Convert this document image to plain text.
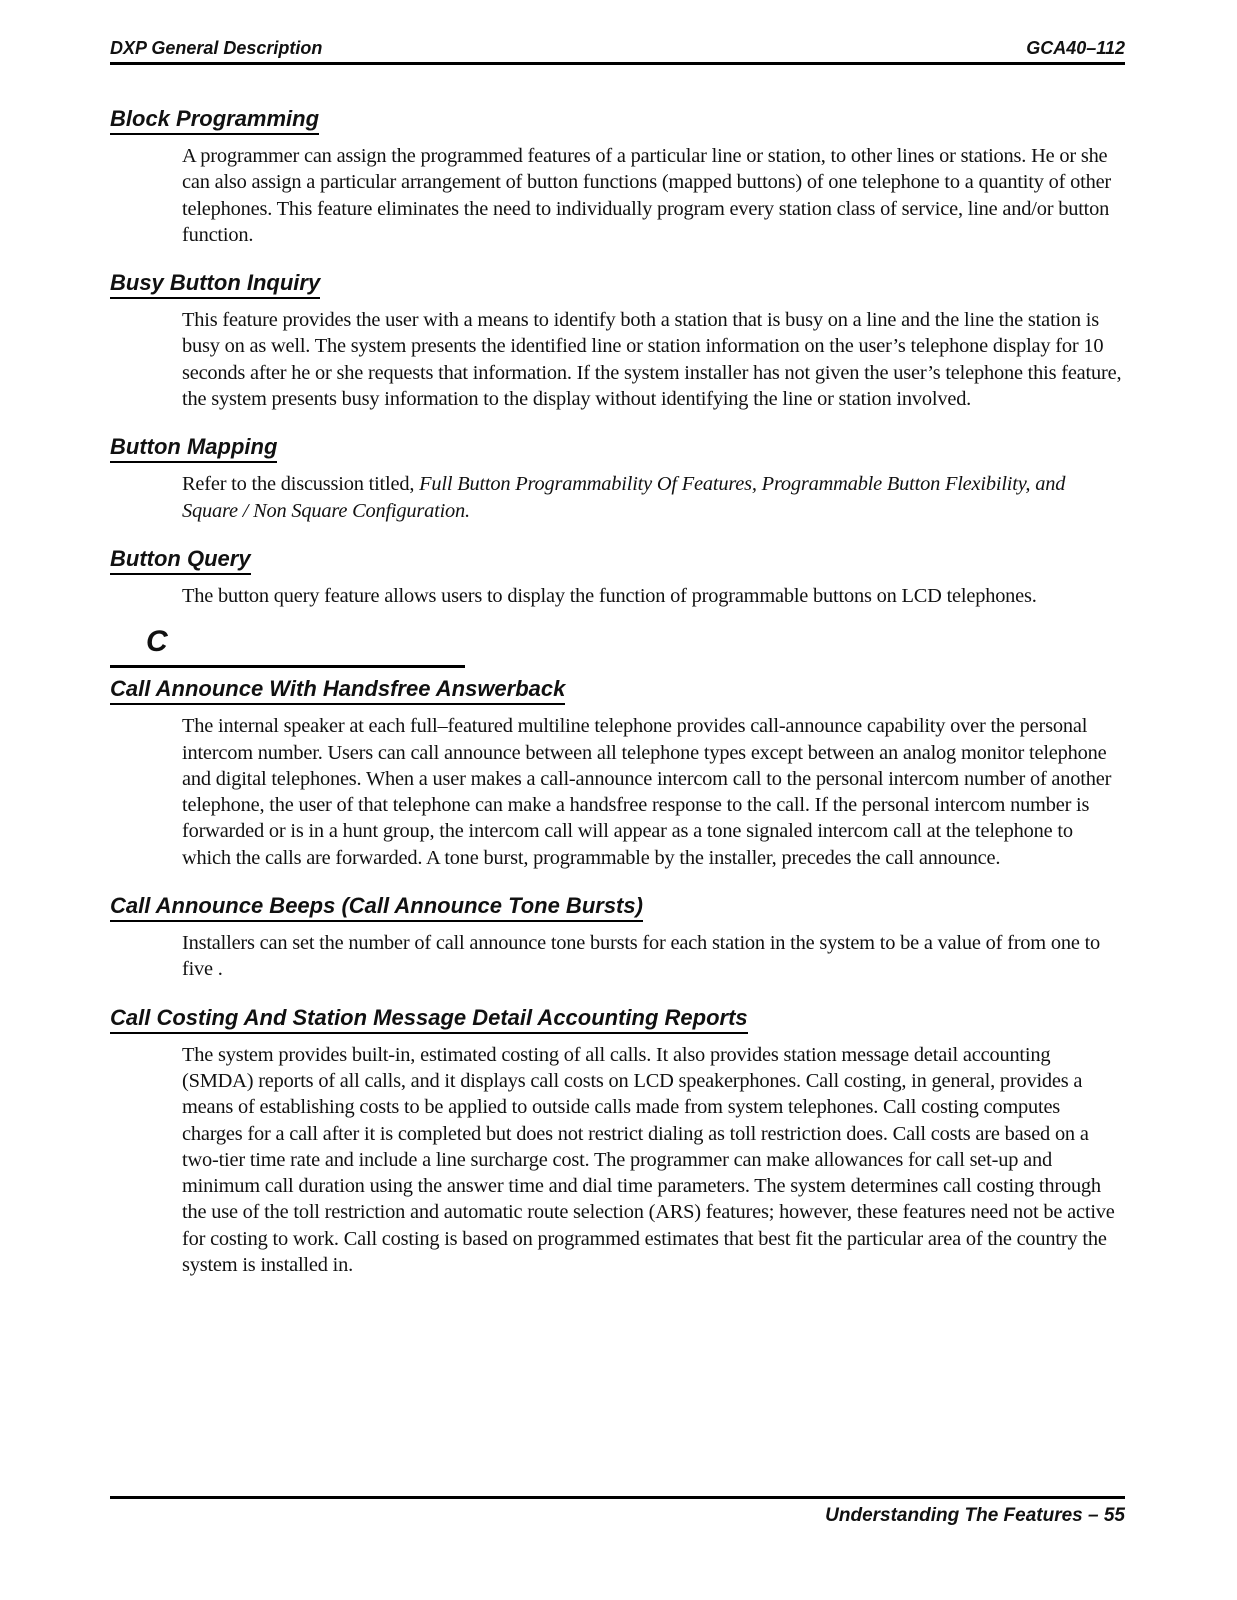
DXP General Description	GCA40–112
Block Programming

A programmer can assign the programmed features of a particular line or station, to other lines or stations. He or she can also assign a particular arrangement of button functions (mapped buttons) of one telephone to a quantity of other telephones. This feature eliminates the need to individually program every station class of service, line and/or button function.

Busy Button Inquiry

This feature provides the user with a means to identify both a station that is busy on a line and the line the station is busy on as well. The system presents the identified line or station information on the user’s telephone display for 10 seconds after he or she requests that information. If the system installer has not given the user’s telephone this feature, the system presents busy information to the display without identifying the line or station involved.

Button Mapping

Refer to the discussion titled, Full Button Programmability Of Features, Programmable Button Flexibility, and Square / Non Square Configuration.

Button Query

The button query feature allows users to display the function of programmable buttons on LCD telephones.

C
Call Announce With Handsfree Answerback

The internal speaker at each full–featured multiline telephone provides call-announce capability over the personal intercom number. Users can call announce between all telephone types except between an analog monitor telephone and digital telephones. When a user makes a call-announce intercom call to the personal intercom number of another telephone, the user of that telephone can make a handsfree response to the call. If the personal intercom number is forwarded or is in a hunt group, the intercom call will appear as a tone signaled intercom call at the telephone to which the calls are forwarded. A tone burst, programmable by the installer, precedes the call announce.

Call Announce Beeps (Call Announce Tone Bursts)

Installers can set the number of call announce tone bursts for each station in the system to be a value of from one to five .

Call Costing And Station Message Detail Accounting Reports

The system provides built-in, estimated costing of all calls. It also provides station message detail accounting (SMDA) reports of all calls, and it displays call costs on LCD speakerphones. Call costing, in general, provides a means of establishing costs to be applied to outside calls made from system telephones. Call costing computes charges for a call after it is completed but does not restrict dialing as toll restriction does. Call costs are based on a two-tier time rate and include a line surcharge cost. The programmer can make allowances for call set-up and minimum call duration using the answer time and dial time parameters. The system determines call costing through the use of the toll restriction and automatic route selection (ARS) features; however, these features need not be active for costing to work. Call costing is based on programmed estimates that best fit the particular area of the country the system is installed in.

Understanding The Features – 55
